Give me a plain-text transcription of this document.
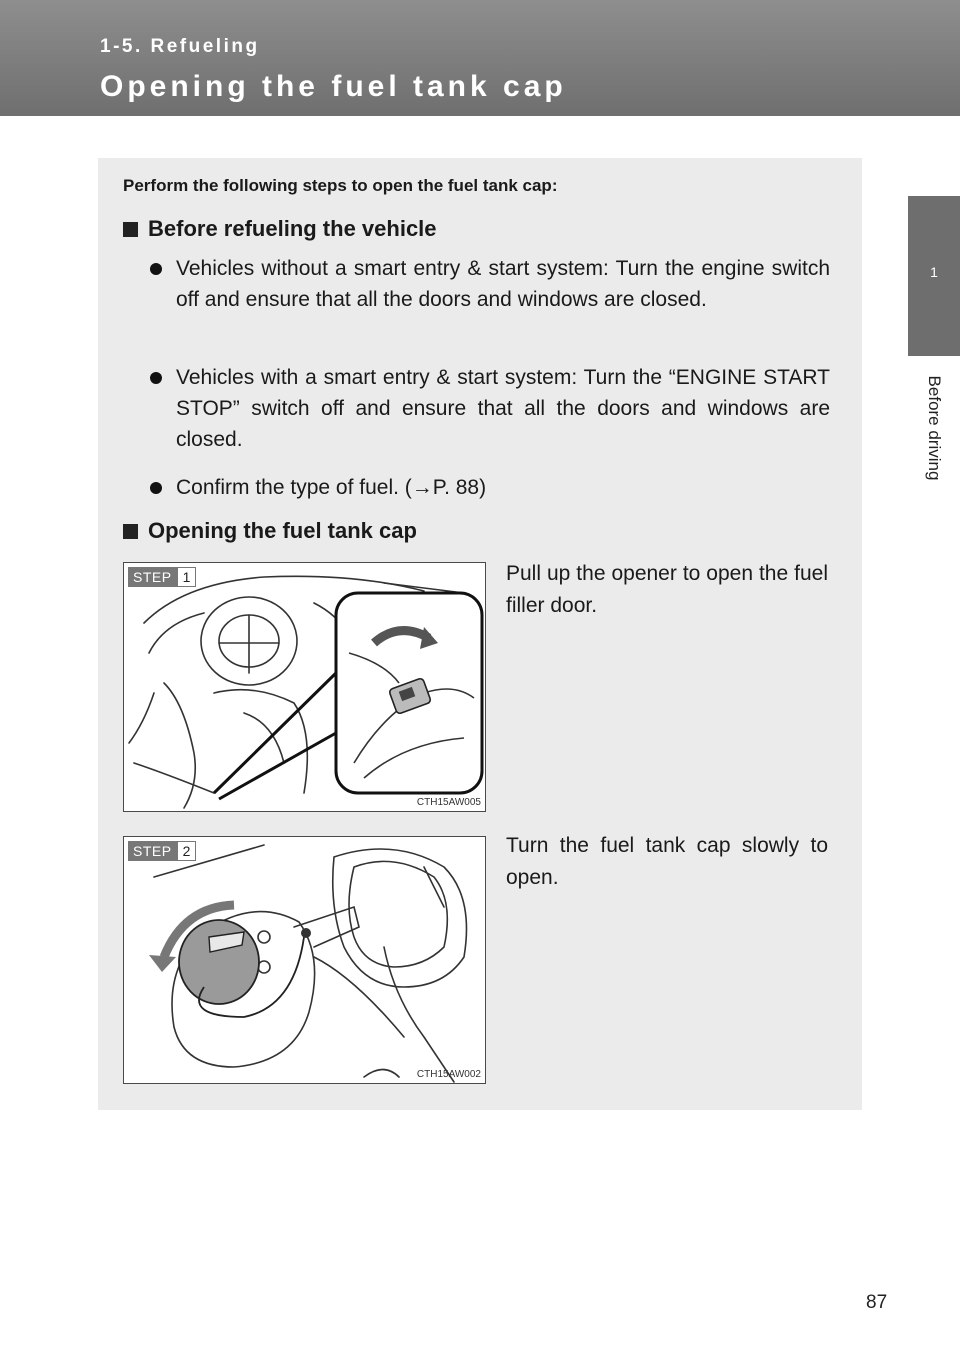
1-5. Refueling
Opening the fuel tank cap
1
Before driving
Perform the following steps to open the fuel tank cap:
Before refueling the vehicle
Vehicles without a smart entry & start system: Turn the engine switch off and ensure that all the doors and windows are closed.
Vehicles with a smart entry & start system: Turn the “ENGINE START STOP” switch off and ensure that all the doors and windows are closed.
Confirm the type of fuel. (→P. 88)
Opening the fuel tank cap
STEP 1
CTH15AW005
Pull up the opener to open the fuel filler door.
STEP 2
CTH15AW002
Turn the fuel tank cap slowly to open.
87
